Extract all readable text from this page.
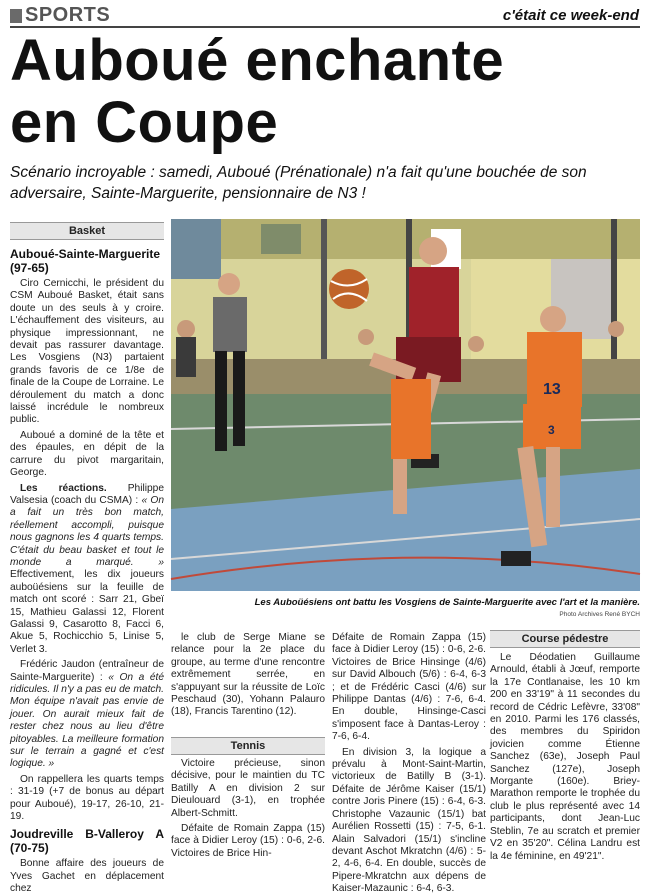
SPORTS	c'était ce week-end
Auboué enchante
en Coupe
Scénario incroyable : samedi, Auboué (Prénationale) n'a fait qu'une bouchée de son adversaire, Sainte-Marguerite, pensionnaire de N3 !
Basket

Auboué-Sainte-Marguerite (97-65)

Ciro Cernicchi, le président du CSM Auboué Basket, était sans doute un des seuls à y croire. L'échauffement des visiteurs, au physique impressionnant, ne devait pas rassurer davantage. Les Vosgiens (N3) partaient grands favoris de ce 1/8e de finale de la Coupe de Lorraine. Le déroulement du match a donc laissé incrédule le nombreux public.

Auboué a dominé de la tête et des épaules, en dépit de la carrure du pivot margaritain, George.

Les réactions. Philippe Valsesia (coach du CSMA) : « On a fait un très bon match, réellement accompli, puisque nous gagnons les 4 quarts temps. C'était du beau basket et tout le monde a marqué. » Effectivement, les dix joueurs auboüésiens sur la feuille de match ont scoré : Sarr 21, Gbeï 15, Mathieu Galassi 12, Florent Galassi 9, Casarotto 8, Facci 6, Akue 5, Rochicchio 5, Linise 5, Verlet 3.

Frédéric Jaudon (entraîneur de Sainte-Marguerite) : « On a été ridicules. Il n'y a pas eu de match. Mon équipe n'avait pas envie de jouer. On aurait mieux fait de rester chez nous au lieu d'être pitoyables. La meilleure formation sur le terrain a gagné et c'est logique. »

On rappellera les quarts temps : 31-19 (+7 de bonus au départ pour Auboué), 19-17, 26-10, 21-19.

Joudreville B-Valleroy A (70-75)

Bonne affaire des joueurs de Yves Gachet en déplacement chez

13
3
Les Auboüésiens ont battu les Vosgiens de Sainte-Marguerite avec l'art et la manière.
Photo Archives René BYCH

le club de Serge Miane se relance pour la 2e place du groupe, au terme d'une rencontre extrêmement serrée, en s'appuyant sur la réussite de Loïc Peschaud (30), Yohann Palauro (18), Francis Tarentino (12).

Tennis

Victoire précieuse, sinon décisive, pour le maintien du TC Batilly A en division 2 sur Dieulouard (3-1), en trophée Albert-Schmitt.

Défaite de Romain Zappa (15) face à Didier Leroy (15) : 0-6, 2-6. Victoires de Brice Hin-

Défaite de Romain Zappa (15) face à Didier Leroy (15) : 0-6, 2-6. Victoires de Brice Hinsinge (4/6) sur David Albouch (5/6) : 6-4, 6-3 ; et de Frédéric Casci (4/6) sur Philippe Dantas (4/6) : 7-6, 6-4. En double, Hinsinge-Casci s'imposent face à Dantas-Leroy : 7-6, 6-4.

En division 3, la logique a prévalu à Mont-Saint-Martin, victorieux de Batilly B (3-1). Défaite de Jérôme Kaiser (15/1) contre Joris Pinere (15) : 6-4, 6-3. Christophe Vazaunic (15/1) bat Aurélien Rossetti (15) : 7-5, 6-1. Alain Salvadori (15/1) s'incline devant Aschot Mkratchn (4/6) : 5-2, 4-6, 6-4. En double, succès de Pipere-Mkratchn aux dépens de Kaiser-Mazaunic : 6-4, 6-3.

Course pédestre

Le Déodatien Guillaume Arnould, établi à Jœuf, remporte la 17e Contlanaise, les 10 km 200 en 33'19" à 11 secondes du record de Cédric Lefèvre, 33'08" en 2010. Parmi les 176 classés, des membres du Spiridon jovicien comme Étienne Sanchez (63e), Joseph Paul Sanchez (127e), Joseph Morgante (160e). Briey-Marathon remporte le trophée du club le plus représenté avec 14 participants, dont Jean-Luc Steblin, 7e au scratch et premier V2 en 35'20". Célina Landru est la 4e féminine, en 49'21".
